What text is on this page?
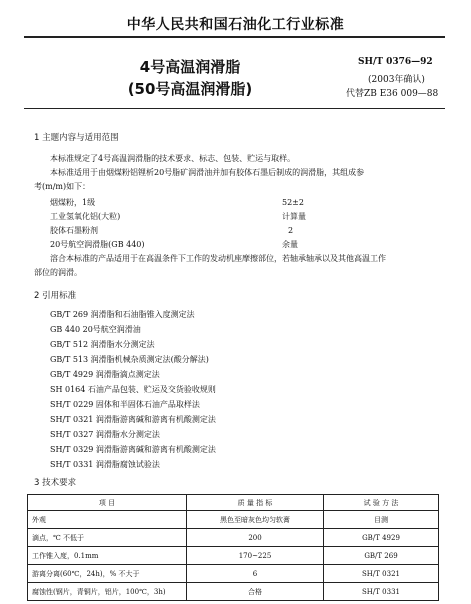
中华人民共和国石油化工行业标准
4号高温润滑脂
(50号高温润滑脂)
SH/T 0376—92
(2003年确认)
代替ZB E36 009—88
1 主题内容与适用范围
本标准规定了4号高温润滑脂的技术要求、标志、包装、贮运与取样。
本标准适用于由烟煤粉铝锂析20号脂矿润滑油并加有胶体石墨后制成的润滑脂，其组成参
考(m/m)如下：
烟煤粉，1级	52±2
工业氢氧化铝(大粒)	计算量
胶体石墨粉剂	2
20号航空润滑脂(GB 440)	余量
溶合本标准的产品适用于在高温条件下工作的发动机座摩擦部位，若轴承轴承以及其他高温工作
部位的润滑。
2 引用标准
GB/T 269 润滑脂和石油脂锥入度测定法
GB 440 20号航空润滑油
GB/T 512 润滑脂水分测定法
GB/T 513 润滑脂机械杂质测定法(酸分解法)
GB/T 4929 润滑脂滴点测定法
SH 0164 石油产品包装、贮运及交货验收规则
SH/T 0229 固体和半固体石油产品取样法
SH/T 0321 润滑脂游离碱和游离有机酸测定法
SH/T 0327 润滑脂水分测定法
SH/T 0329 润滑脂游离碱和游离有机酸测定法
SH/T 0331 润滑脂腐蚀试验法
3 技术要求
项 目	质 量 指 标	试 验 方 法
外观	黑色至暗灰色均匀软膏	目测
滴点，℃ 不低于	200	GB/T 4929
工作锥入度，0.1mm	170~225	GB/T 269
游离分离(60℃，24h)，% 不大于	6	SH/T 0321
腐蚀性(钢片，青铜片，铝片，100℃，3h)	合格	SH/T 0331
